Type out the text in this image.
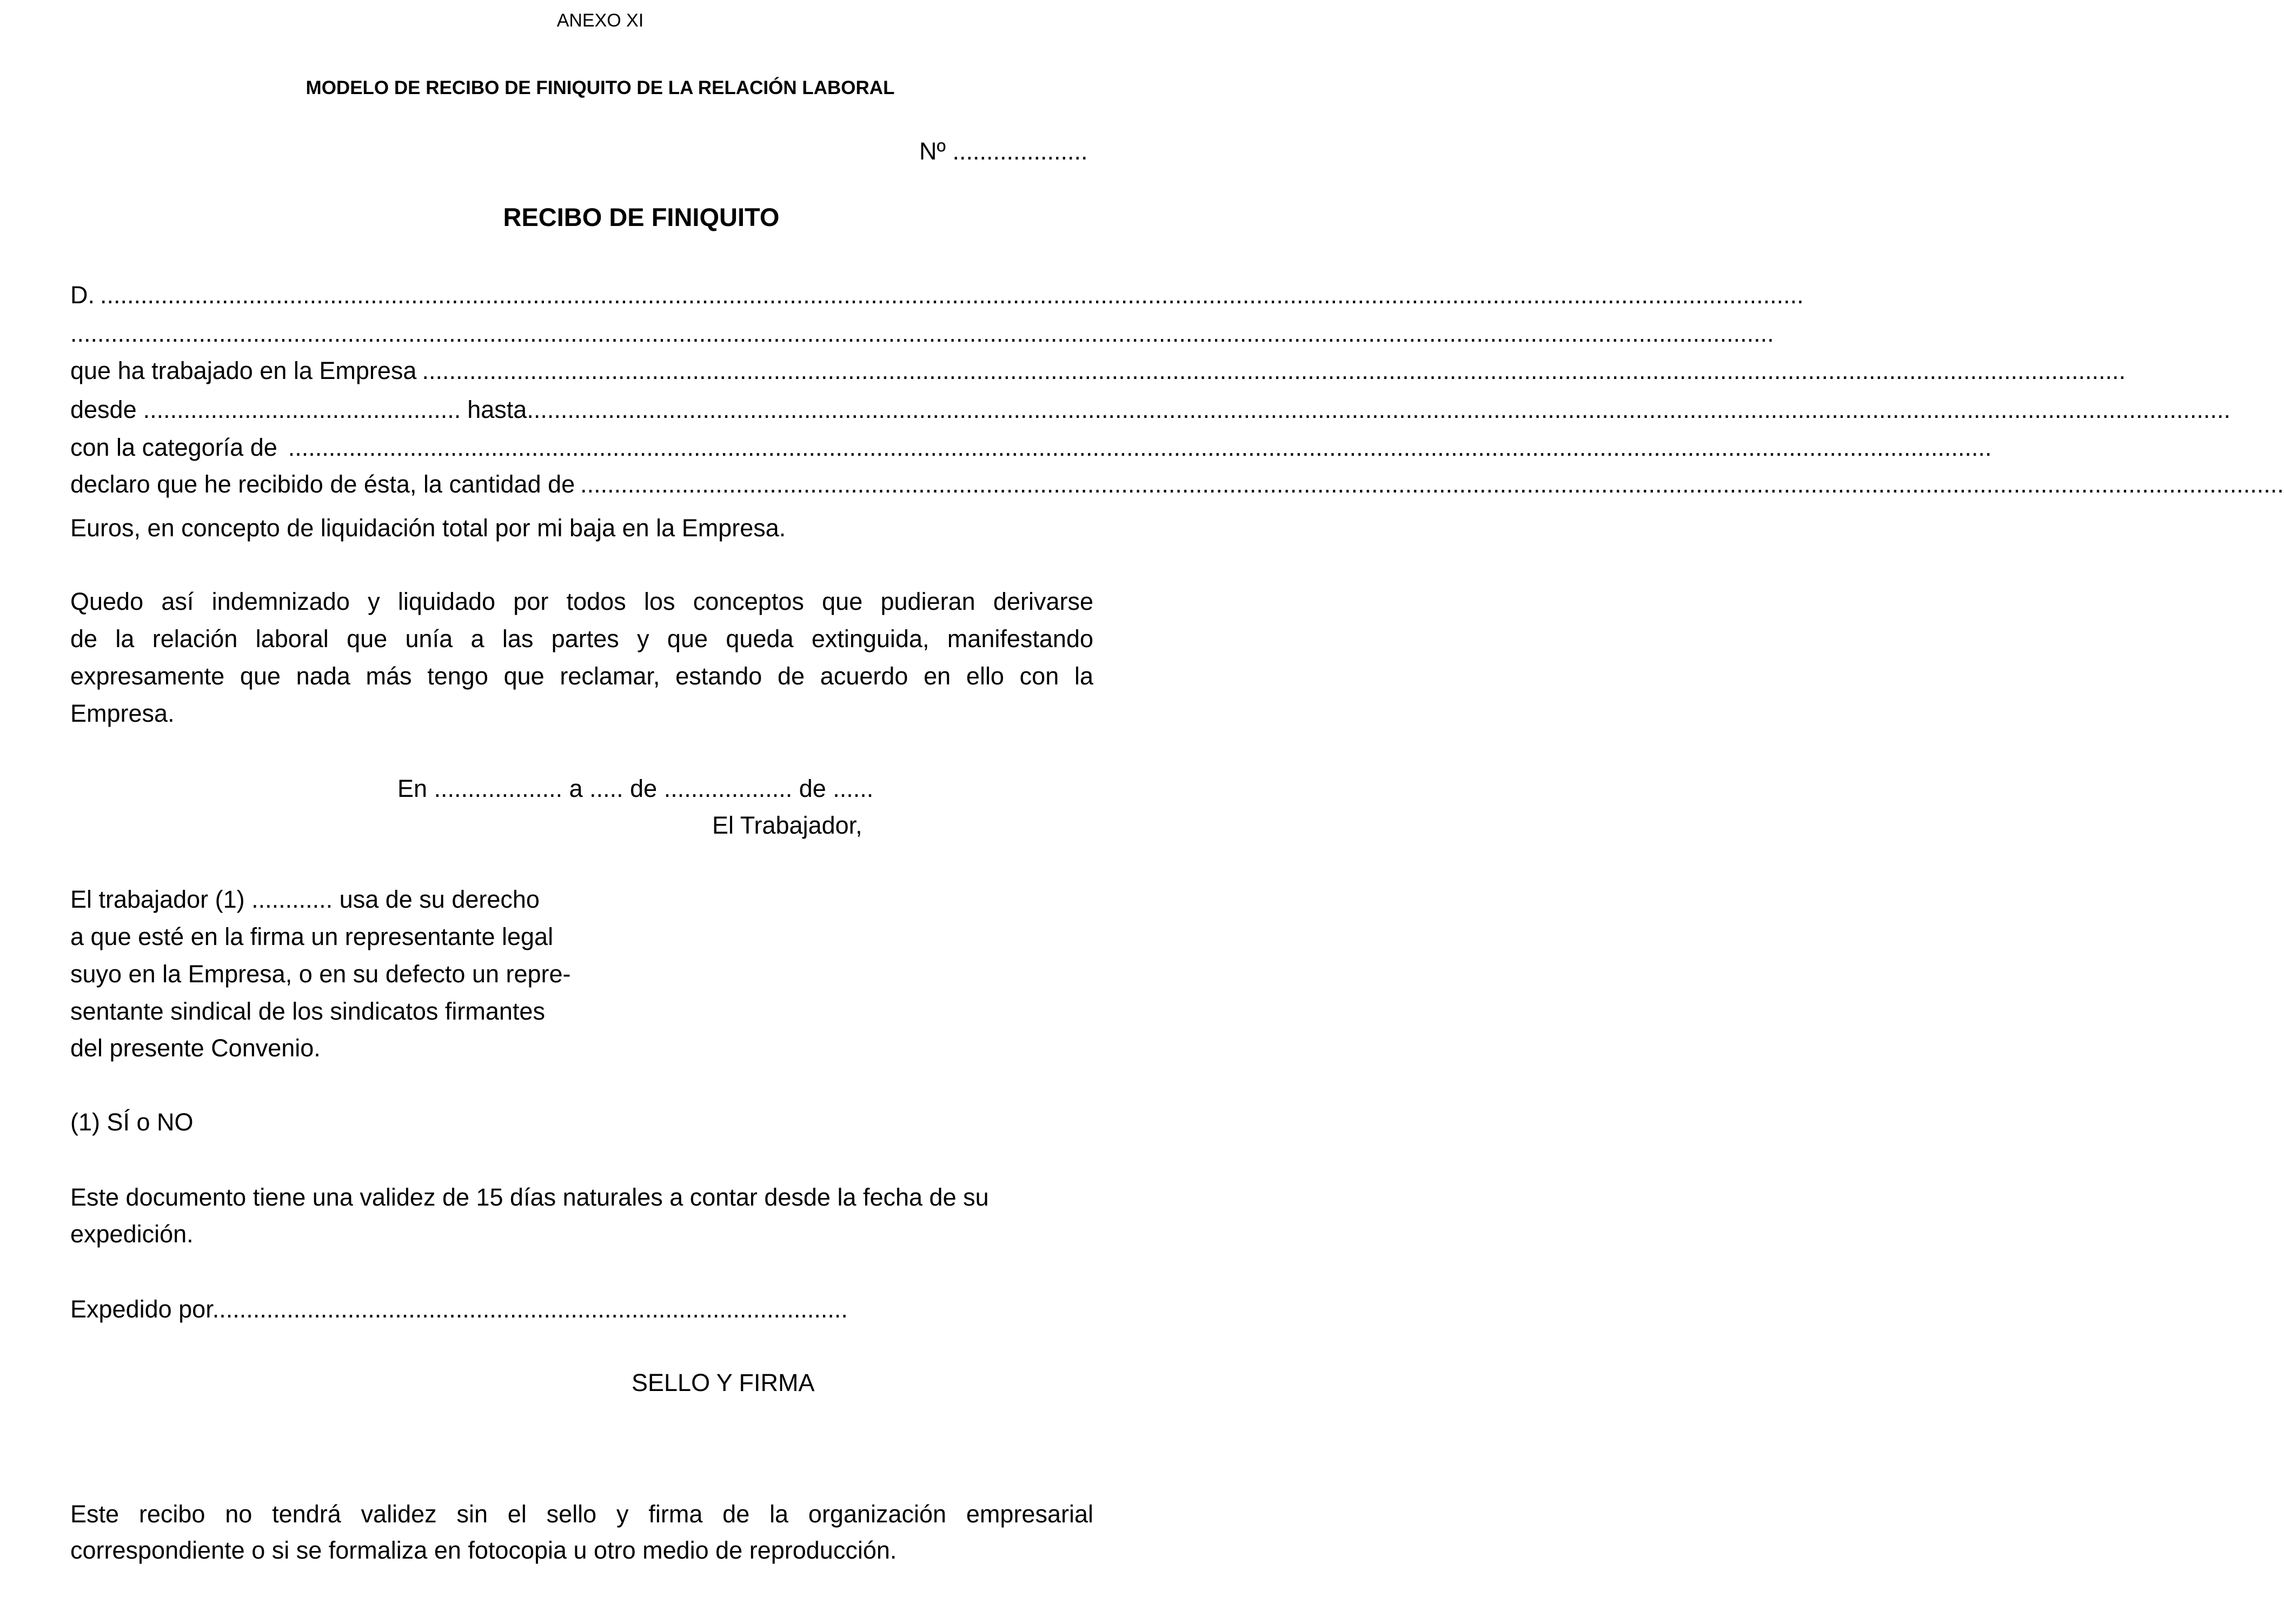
ANEXO XI
MODELO DE RECIBO DE FINIQUITO DE LA RELACIÓN LABORAL
Nº ....................
RECIBO DE FINIQUITO
D. ............................................................................................................................................................................................................................................................
............................................................................................................................................................................................................................................................
que ha trabajado en la Empresa ............................................................................................................................................................................................................................................................
desde ............................................... hasta ............................................................................................................................................................................................................................................................
con la categoría de ............................................................................................................................................................................................................................................................
declaro que he recibido de ésta, la cantidad de ............................................................................................................................................................................................................................................................
Euros, en concepto de liquidación total por mi baja en la Empresa.
Quedo así indemnizado y liquidado por todos los conceptos que pudieran derivarse
de la relación laboral que unía a las partes y que queda extinguida, manifestando
expresamente que nada más tengo que reclamar, estando de acuerdo en ello con la
Empresa.
En ................... a ..... de ................... de ......
El Trabajador,
El trabajador (1) ............ usa de su derecho
a que esté en la firma un representante legal
suyo en la Empresa, o en su defecto un repre-
sentante sindical de los sindicatos firmantes
del presente Convenio.
(1) SÍ o NO
Este documento tiene una validez de 15 días naturales a contar desde la fecha de su
expedición.
Expedido por..............................................................................................
SELLO Y FIRMA
Este recibo no tendrá validez sin el sello y firma de la organización empresarial
correspondiente o si se formaliza en fotocopia u otro medio de reproducción.
